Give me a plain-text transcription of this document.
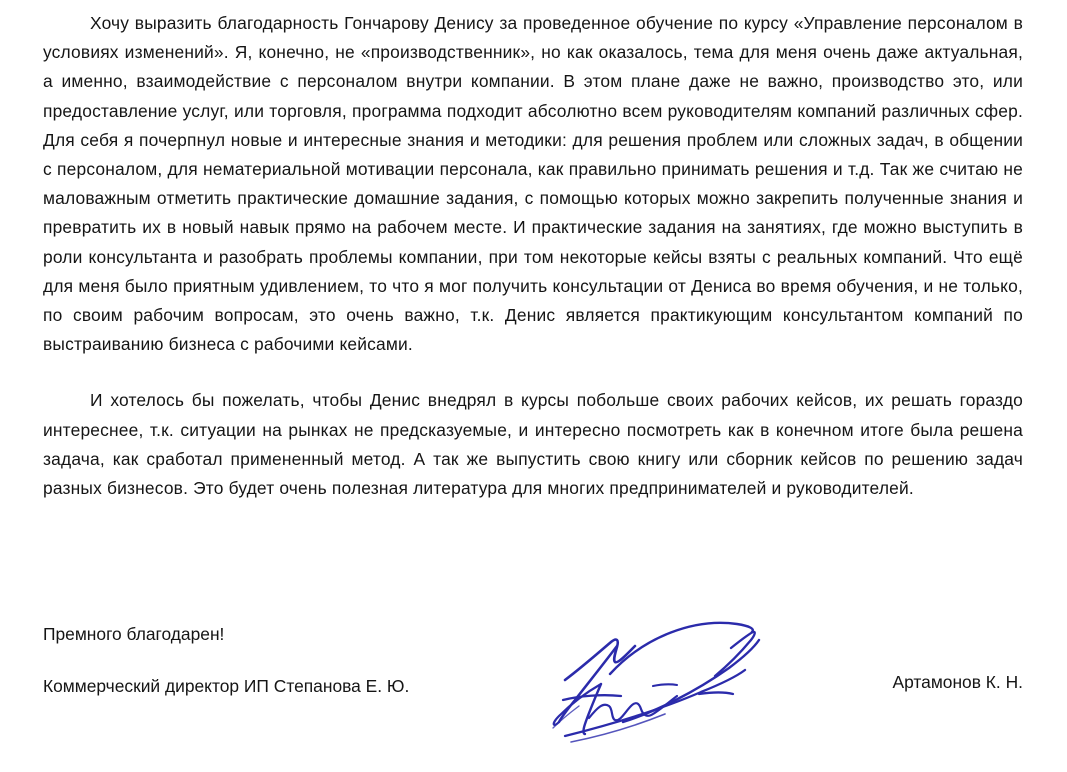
Хочу выразить благодарность Гончарову Денису за проведенное обучение по курсу «Управление персоналом в условиях изменений». Я, конечно, не «производственник», но как оказалось, тема для меня очень даже актуальная, а именно, взаимодействие с персоналом внутри компании. В этом плане даже не важно, производство это, или предоставление услуг, или торговля, программа подходит абсолютно всем руководителям компаний различных сфер. Для себя я почерпнул новые и интересные знания и методики: для решения проблем или сложных задач, в общении с персоналом, для нематериальной мотивации персонала, как правильно принимать решения и т.д. Так же считаю не маловажным отметить практические домашние задания, с помощью которых можно закрепить полученные знания и превратить их в новый навык прямо на рабочем месте. И практические задания на занятиях, где можно выступить в роли консультанта и разобрать проблемы компании, при том некоторые кейсы взяты с реальных компаний. Что ещё для меня было приятным удивлением, то что я мог получить консультации от Дениса во время обучения, и не только, по своим рабочим вопросам, это очень важно, т.к. Денис является практикующим консультантом компаний по выстраиванию бизнеса с рабочими кейсами.

И хотелось бы пожелать, чтобы Денис внедрял в курсы побольше своих рабочих кейсов, их решать гораздо интереснее, т.к. ситуации на рынках не предсказуемые, и интересно посмотреть как в конечном итоге была решена задача, как сработал примененный метод. А так же выпустить свою книгу или сборник кейсов по решению задач разных бизнесов. Это будет очень полезная литература для многих предпринимателей и руководителей.

Премного благодарен!
Коммерческий директор ИП Степанова Е. Ю.	Артамонов К. Н.
